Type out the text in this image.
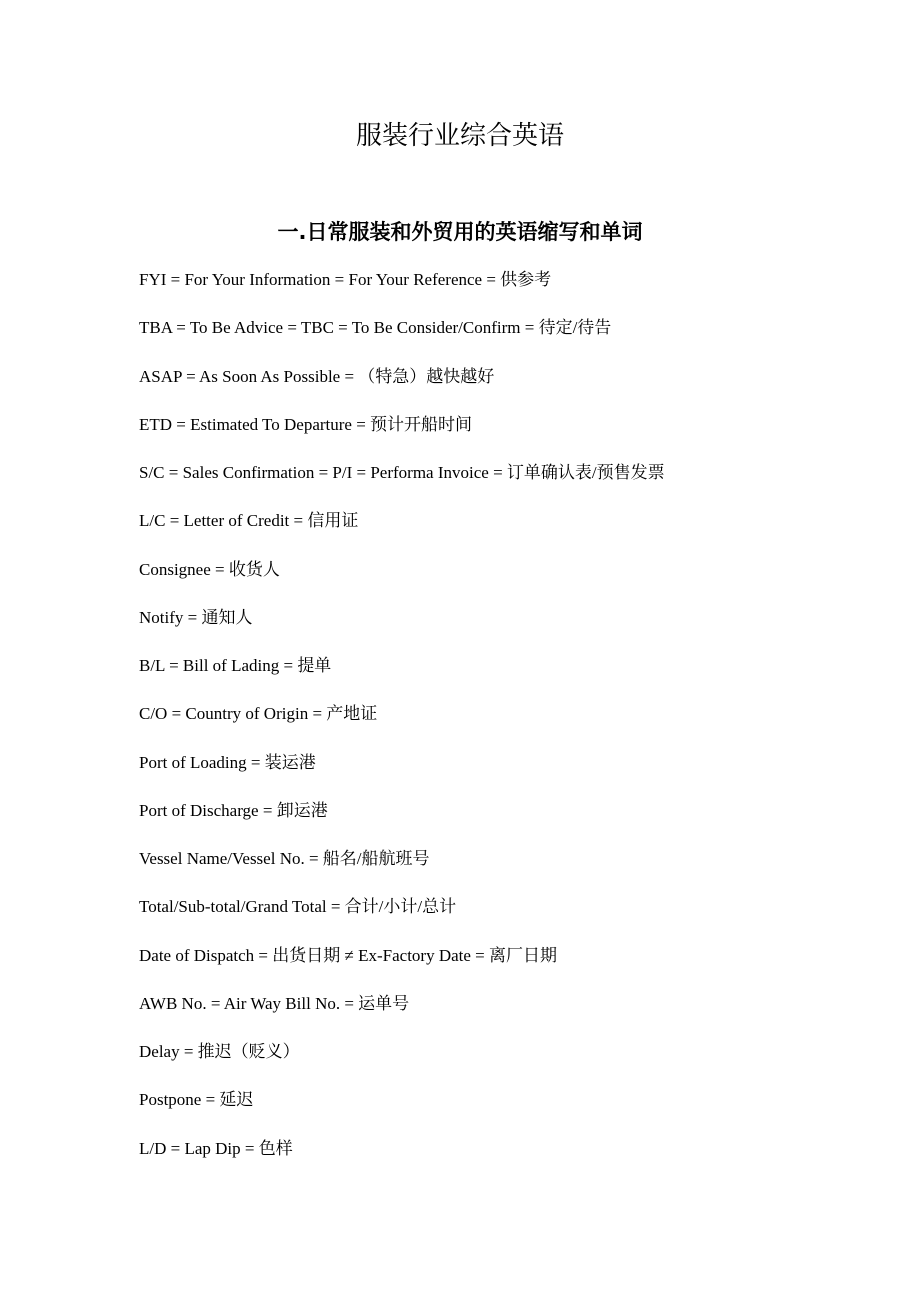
服装行业综合英语
一.日常服装和外贸用的英语缩写和单词
FYI = For Your Information = For Your Reference = 供参考
TBA = To Be Advice = TBC = To Be Consider/Confirm = 待定/待告
ASAP = As Soon As Possible = （特急）越快越好
ETD = Estimated To Departure = 预计开船时间
S/C = Sales Confirmation = P/I = Performa Invoice = 订单确认表/预售发票
L/C = Letter of Credit = 信用证
Consignee = 收货人
Notify = 通知人
B/L = Bill of Lading = 提单
C/O = Country of Origin = 产地证
Port of Loading = 装运港
Port of Discharge = 卸运港
Vessel Name/Vessel No. = 船名/船航班号
Total/Sub-total/Grand Total = 合计/小计/总计
Date of Dispatch = 出货日期 ≠ Ex-Factory Date = 离厂日期
AWB No. = Air Way Bill No. = 运单号
Delay = 推迟（贬义）
Postpone = 延迟
L/D = Lap Dip = 色样
